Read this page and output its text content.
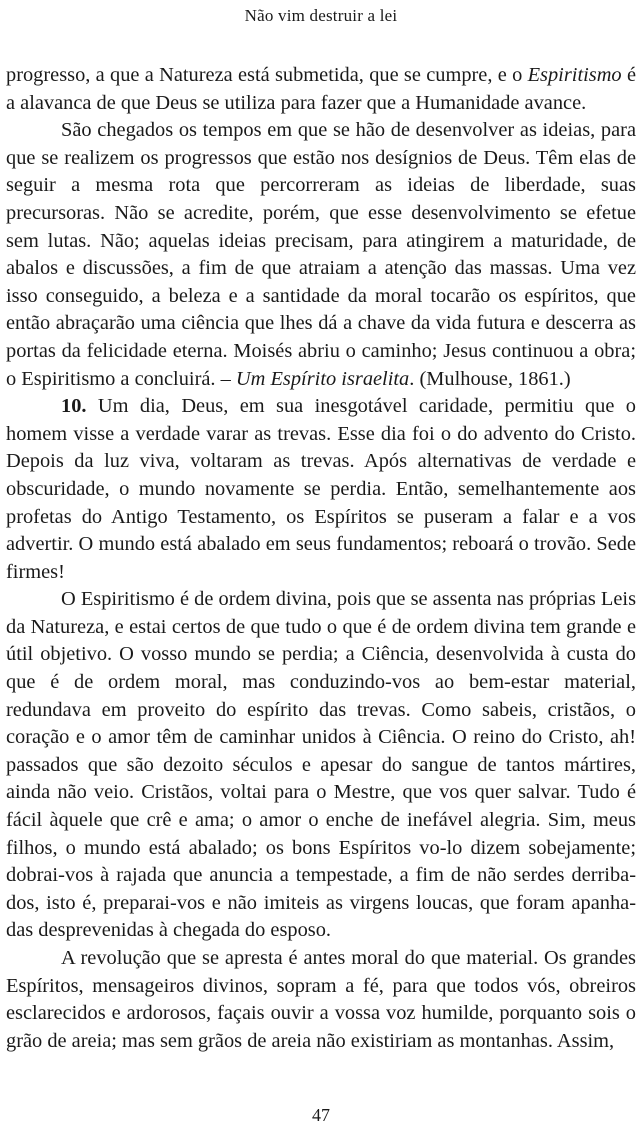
Não vim destruir a lei

progresso, a que a Natureza está submetida, que se cumpre, e o Espiritismo é a alavanca de que Deus se utiliza para fazer que a Humanidade avance.

São chegados os tempos em que se hão de desenvolver as ideias, para que se realizem os progressos que estão nos desígnios de Deus. Têm elas de seguir a mesma rota que percorreram as ideias de liberdade, suas precursoras. Não se acredite, porém, que esse desenvolvimento se efetue sem lutas. Não; aquelas ideias precisam, para atingirem a maturidade, de abalos e discussões, a fim de que atraiam a atenção das massas. Uma vez isso conseguido, a beleza e a santidade da moral tocarão os espíritos, que então abraçarão uma ciência que lhes dá a chave da vida futura e descerra as portas da felicidade eterna. Moisés abriu o caminho; Jesus continuou a obra; o Espiritismo a concluirá. – Um Espírito israelita. (Mulhouse, 1861.)

10. Um dia, Deus, em sua inesgotável caridade, permitiu que o homem visse a verdade varar as trevas. Esse dia foi o do advento do Cristo. Depois da luz viva, voltaram as trevas. Após alternativas de verdade e obscuridade, o mundo novamente se perdia. Então, semelhantemente aos profetas do Antigo Testamento, os Espíritos se puseram a falar e a vos advertir. O mundo está abalado em seus fundamentos; reboará o trovão. Sede firmes!

O Espiritismo é de ordem divina, pois que se assenta nas próprias Leis da Natureza, e estai certos de que tudo o que é de ordem divina tem grande e útil objetivo. O vosso mundo se perdia; a Ciência, desenvolvida à custa do que é de ordem moral, mas conduzindo-vos ao bem-estar material, redundava em proveito do espírito das trevas. Como sabeis, cristãos, o coração e o amor têm de caminhar unidos à Ciência. O reino do Cristo, ah! passados que são dezoito séculos e apesar do sangue de tantos mártires, ainda não veio. Cristãos, voltai para o Mestre, que vos quer salvar. Tudo é fácil àquele que crê e ama; o amor o enche de inefável alegria. Sim, meus filhos, o mundo está abalado; os bons Espíritos vo-lo dizem sobejamente; dobrai-vos à rajada que anuncia a tempestade, a fim de não serdes derribados, isto é, preparai-vos e não imiteis as virgens loucas, que foram apanhadas desprevenidas à chegada do esposo.

A revolução que se apresta é antes moral do que material. Os grandes Espíritos, mensageiros divinos, sopram a fé, para que todos vós, obreiros esclarecidos e ardorosos, façais ouvir a vossa voz humilde, porquanto sois o grão de areia; mas sem grãos de areia não existiriam as montanhas. Assim,

47
